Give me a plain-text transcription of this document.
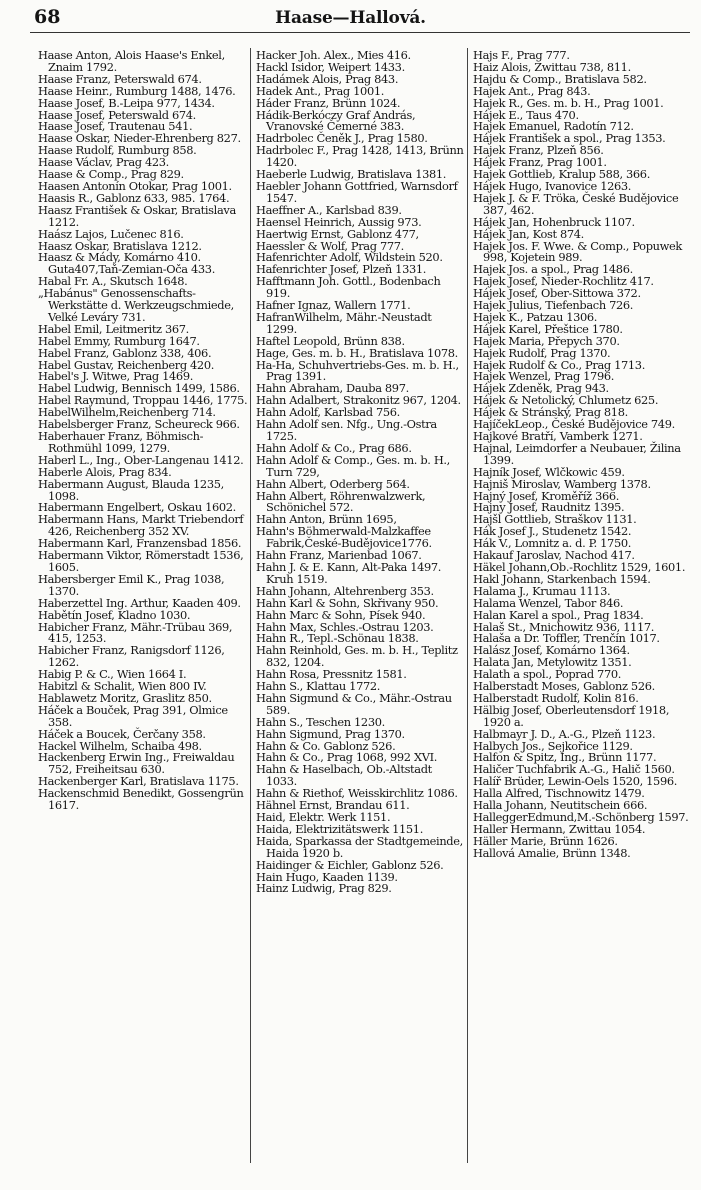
68	Haase—Hallová.
Haase Anton, Alois Haase's Enkel, Znaim 1792.
Haase Franz, Peterswald 674.
Haase Heinr., Rumburg 1488, 1476.
Haase Josef, B.-Leipa 977, 1434.
Haase Josef, Peterswald 674.
Haase Josef, Trautenau 541.
Haase Oskar, Nieder-Ehrenberg 827.
Haase Rudolf, Rumburg 858.
Haase Václav, Prag 423.
Haase & Comp., Prag 829.
Haasen Antonín Otokar, Prag 1001.
Haasis R., Gablonz 633, 985. 1764.
Haasz František & Oskar, Bratislava 1212.
Haász Lajos, Lučenec 816.
Haasz Oskar, Bratislava 1212.
Haasz & Mády, Komárno 410. Guta407,Taň-Zemian-Oča 433.
Habal Fr. A., Skutsch 1648.
„Habánus" Genossenschafts-Werkstätte d. Werkzeugschmiede, Velké Leváry 731.
Habel Emil, Leitmeritz 367.
Habel Emmy, Rumburg 1647.
Habel Franz, Gablonz 338, 406.
Habel Gustav, Reichenberg 420.
Habel's J. Witwe, Prag 1469.
Habel Ludwig, Bennisch 1499, 1586.
Habel Raymund, Troppau 1446, 1775.
HabelWilhelm,Reichenberg 714.
Habelsberger Franz, Scheureck 966.
Haberhauer Franz, Böhmisch-Rothmühl 1099, 1279.
Haberl L., Ing., Ober-Langenau 1412.
Haberle Alois, Prag 834.
Habermann August, Blauda 1235, 1098.
Habermann Engelbert, Oskau 1602.
Habermann Hans, Markt Triebendorf 426, Reichenberg 352 XV.
Habermann Karl, Franzensbad 1856.
Habermann Viktor, Römerstadt 1536, 1605.
Habersberger Emil K., Prag 1038, 1370.
Haberzettel Ing. Arthur, Kaaden 409.
Habětín Josef, Kladno 1030.
Habicher Franz, Mähr.-Trübau 369, 415, 1253.
Habicher Franz, Ranigsdorf 1126, 1262.
Habig P. & C., Wien 1664 I.
Habitzl & Schalit, Wien 800 IV.
Hablawetz Moritz, Graslitz 850.
Háček a Bouček, Prag 391, Olmice 358.
Háček a Boucek, Čerčany 358.
Hackel Wilhelm, Schaiba 498.
Hackenberg Erwin Ing., Freiwaldau 752, Freiheitsau 630.
Hackenberger Karl, Bratislava 1175.
Hackenschmid Benedikt, Gossengrün 1617.
Hacker Joh. Alex., Mies 416.
Hackl Isidor, Weipert 1433.
Hadámek Alois, Prag 843.
Hadek Ant., Prag 1001.
Háder Franz, Brünn 1024.
Hádik-Berkóczy Graf András, Vranovské Čemerné 383.
Hadrbolec Čeněk J., Prag 1580.
Hadrbolec F., Prag 1428, 1413, Brünn 1420.
Haeberle Ludwig, Bratislava 1381.
Haebler Johann Gottfried, Warnsdorf 1547.
Haeffner A., Karlsbad 839.
Haensel Heinrich, Aussig 973.
Haertwig Ernst, Gablonz 477,
Haessler & Wolf, Prag 777.
Hafenrichter Adolf, Wildstein 520.
Hafenrichter Josef, Plzeň 1331.
Hafftmann Joh. Gottl., Bodenbach 919.
Hafner Ignaz, Wallern 1771.
HafranWilhelm, Mähr.-Neustadt 1299.
Haftel Leopold, Brünn 838.
Hage, Ges. m. b. H., Bratislava 1078.
Ha-Ha, Schuhvertriebs-Ges. m. b. H., Prag 1391.
Hahn Abraham, Dauba 897.
Hahn Adalbert, Strakonitz 967, 1204.
Hahn Adolf, Karlsbad 756.
Hahn Adolf sen. Nfg., Ung.-Ostra 1725.
Hahn Adolf & Co., Prag 686.
Hahn Adolf & Comp., Ges. m. b. H., Turn 729,
Hahn Albert, Oderberg 564.
Hahn Albert, Röhrenwalzwerk, Schönichel 572.
Hahn Anton, Brünn 1695,
Hahn's Böhmerwald-Malzkaffee Fabrik,České-Budějovice1776.
Hahn Franz, Marienbad 1067.
Hahn J. & E. Kann, Alt-Paka 1497. Kruh 1519.
Hahn Johann, Altehrenberg 353.
Hahn Karl & Sohn, Skřivany 950.
Hahn Marc & Sohn, Písek 940.
Hahn Max, Schles.-Ostrau 1203.
Hahn R., Tepl.-Schönau 1838.
Hahn Reinhold, Ges. m. b. H., Teplitz 832, 1204.
Hahn Rosa, Pressnitz 1581.
Hahn S., Klattau 1772.
Hahn Sigmund & Co., Mähr.-Ostrau 589.
Hahn S., Teschen 1230.
Hahn Sigmund, Prag 1370.
Hahn & Co. Gablonz 526.
Hahn & Co., Prag 1068, 992 XVI.
Hahn & Haselbach, Ob.-Altstadt 1033.
Hahn & Riethof, Weisskirchlitz 1086.
Hähnel Ernst, Brandau 611.
Haid, Elektr. Werk 1151.
Haida, Elektrizitätswerk 1151.
Haida, Sparkassa der Stadtgemeinde, Haida 1920 b.
Haidinger & Eichler, Gablonz 526.
Hain Hugo, Kaaden 1139.
Hainz Ludwig, Prag 829.
Hajs F., Prag 777.
Haiz Alois, Zwittau 738, 811.
Hajdu & Comp., Bratislava 582.
Hajek Ant., Prag 843.
Hajek R., Ges. m. b. H., Prag 1001.
Hájek E., Taus 470.
Hajek Emanuel, Radotín 712.
Hájek František a spol., Prag 1353.
Hajek Franz, Plzeň 856.
Hájek Franz, Prag 1001.
Hajek Gottlieb, Kralup 588, 366.
Hájek Hugo, Ivanovice 1263.
Hajek J. & F. Tröka, České Budějovice 387, 462.
Hájek Jan, Hohenbruck 1107.
Hájek Jan, Kost 874.
Hajek Jos. F. Wwe. & Comp., Popuwek 998, Kojetein 989.
Hajek Jos. a spol., Prag 1486.
Hajek Josef, Nieder-Rochlitz 417.
Hájek Josef, Ober-Sittowa 372.
Hajek Julius, Tiefenbach 726.
Hajek K., Patzau 1306.
Hájek Karel, Přeštice 1780.
Hajek Maria, Přepych 370.
Hajek Rudolf, Prag 1370.
Hajek Rudolf & Co., Prag 1713.
Hajek Wenzel, Prag 1796.
Hájek Zdeněk, Prag 943.
Hájek & Netolický, Chlumetz 625.
Hájek & Stránský, Prag 818.
HajíčekLeop., České Budějovice 749.
Hajkové Bratří, Vamberk 1271.
Hajnal, Leimdorfer a Neubauer, Žilina 1399.
Hajník Josef, Wlčkowic 459.
Hajniš Miroslav, Wamberg 1378.
Hajný Josef, Kroměříž 366.
Hajny Josef, Raudnitz 1395.
Hajšl Gottlieb, Straškov 1131.
Hák Josef J., Studenetz 1542.
Hák V., Lomnitz a. d. P. 1750.
Hakauf Jaroslav, Nachod 417.
Häkel Johann,Ob.-Rochlitz 1529, 1601.
Hakl Johann, Starkenbach 1594.
Halama J., Krumau 1113.
Halama Wenzel, Tabor 846.
Halan Karel a spol., Prag 1834.
Halaš St., Mnichowitz 936, 1117.
Halaša a Dr. Toffler, Trenčín 1017.
Halász Josef, Komárno 1364.
Halata Jan, Metylowitz 1351.
Halath a spol., Poprad 770.
Halberstadt Moses, Gablonz 526.
Halberstadt Rudolf, Kolin 816.
Hälbig Josef, Oberleutensdorf 1918, 1920 a.
Halbmayr J. D., A.-G., Plzeň 1123.
Halbych Jos., Sejkořice 1129.
Halfon & Spitz, Ing., Brünn 1177.
Haličer Tuchfabrik A.-G., Halič 1560.
Halíř Brüder, Lewin-Oels 1520, 1596.
Halla Alfred, Tischnowitz 1479.
Halla Johann, Neutitschein 666.
HalleggerEdmund,M.-Schönberg 1597.
Haller Hermann, Zwittau 1054.
Häller Marie, Brünn 1626.
Hallová Amalie, Brünn 1348.
